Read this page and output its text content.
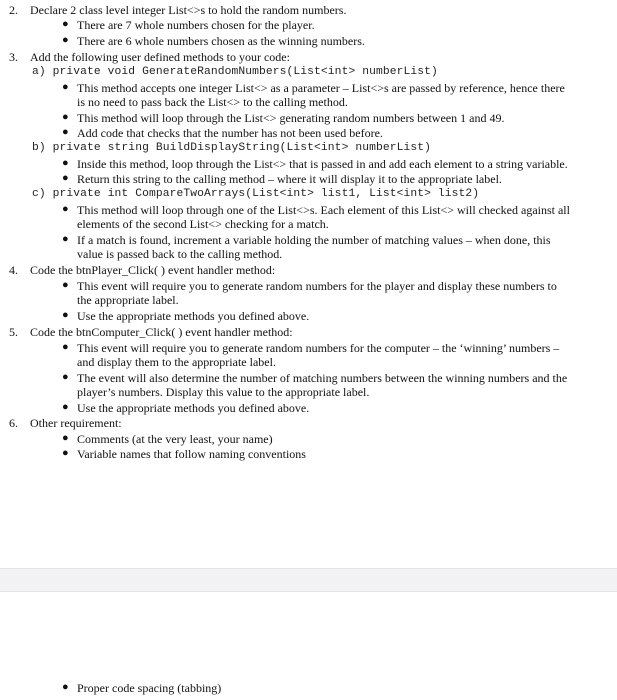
2. Declare 2 class level integer List<>s to hold the random numbers.
● There are 7 whole numbers chosen for the player.
● There are 6 whole numbers chosen as the winning numbers.
3. Add the following user defined methods to your code:
a) private void GenerateRandomNumbers(List<int> numberList)
● This method accepts one integer List<> as a parameter – List<>s are passed by reference, hence there
is no need to pass back the List<> to the calling method.
● This method will loop through the List<> generating random numbers between 1 and 49.
● Add code that checks that the number has not been used before.
b) private string BuildDisplayString(List<int> numberList)
● Inside this method, loop through the List<> that is passed in and add each element to a string variable.
● Return this string to the calling method – where it will display it to the appropriate label.
c) private int CompareTwoArrays(List<int> list1, List<int> list2)
● This method will loop through one of the List<>s. Each element of this List<> will checked against all
elements of the second List<> checking for a match.
● If a match is found, increment a variable holding the number of matching values – when done, this
value is passed back to the calling method.
4. Code the btnPlayer_Click( ) event handler method:
● This event will require you to generate random numbers for the player and display these numbers to
the appropriate label.
● Use the appropriate methods you defined above.
5. Code the btnComputer_Click( ) event handler method:
● This event will require you to generate random numbers for the computer – the ‘winning’ numbers –
and display them to the appropriate label.
● The event will also determine the number of matching numbers between the winning numbers and the
player’s numbers. Display this value to the appropriate label.
● Use the appropriate methods you defined above.
6. Other requirement:
● Comments (at the very least, your name)
● Variable names that follow naming conventions
● Proper code spacing (tabbing)
